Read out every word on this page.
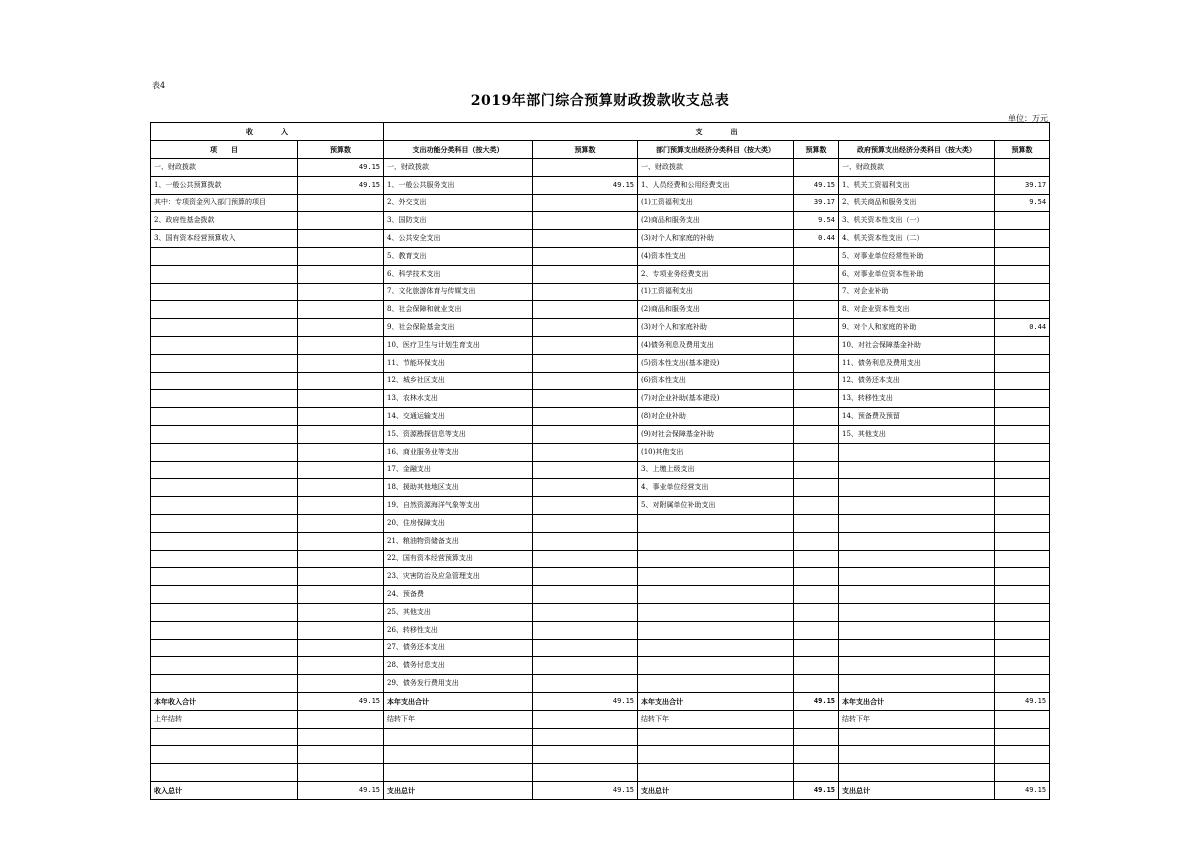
表4
2019年部门综合预算财政拨款收支总表
单位：万元
收　　　　入		支　　　　出					
项　　目	预算数	支出功能分类科目（按大类）	预算数	部门预算支出经济分类科目（按大类）	预算数	政府预算支出经济分类科目（按大类）	预算数
一、财政拨款	49.15	一、财政拨款		一、财政拨款		一、财政拨款	
1、一般公共预算拨款	49.15	1、一般公共服务支出	49.15	1、人员经费和公用经费支出	49.15	1、机关工资福利支出	39.17
其中：专项资金列入部门预算的项目		2、外交支出		(1)工资福利支出	39.17	2、机关商品和服务支出	9.54
2、政府性基金拨款		3、国防支出		(2)商品和服务支出	9.54	3、机关资本性支出（一）	
3、国有资本经营预算收入		4、公共安全支出		(3)对个人和家庭的补助	0.44	4、机关资本性支出（二）	
		5、教育支出		(4)资本性支出		5、对事业单位经常性补助	
		6、科学技术支出		2、专项业务经费支出		6、对事业单位资本性补助	
		7、文化旅游体育与传媒支出		(1)工资福利支出		7、对企业补助	
		8、社会保障和就业支出		(2)商品和服务支出		8、对企业资本性支出	
		9、社会保险基金支出		(3)对个人和家庭补助		9、对个人和家庭的补助	0.44
		10、医疗卫生与计划生育支出		(4)债务利息及费用支出		10、对社会保障基金补助	
		11、节能环保支出		(5)资本性支出(基本建设)		11、债务利息及费用支出	
		12、城乡社区支出		(6)资本性支出		12、债务还本支出	
		13、农林水支出		(7)对企业补助(基本建设)		13、转移性支出	
		14、交通运输支出		(8)对企业补助		14、预备费及预留	
		15、资源勘探信息等支出		(9)对社会保障基金补助		15、其他支出	
		16、商业服务业等支出		(10)其他支出			
		17、金融支出		3、上缴上级支出			
		18、援助其他地区支出		4、事业单位经营支出			
		19、自然资源海洋气象等支出		5、对附属单位补助支出			
		20、住房保障支出					
		21、粮油物资储备支出					
		22、国有资本经营预算支出					
		23、灾害防治及应急管理支出					
		24、预备费					
		25、其他支出					
		26、转移性支出					
		27、债务还本支出					
		28、债务付息支出					
		29、债务发行费用支出					
本年收入合计	49.15	本年支出合计	49.15	本年支出合计	49.15	本年支出合计	49.15
上年结转		结转下年		结转下年		结转下年	

收入总计	49.15	支出总计	49.15	支出总计	49.15	支出总计	49.15
